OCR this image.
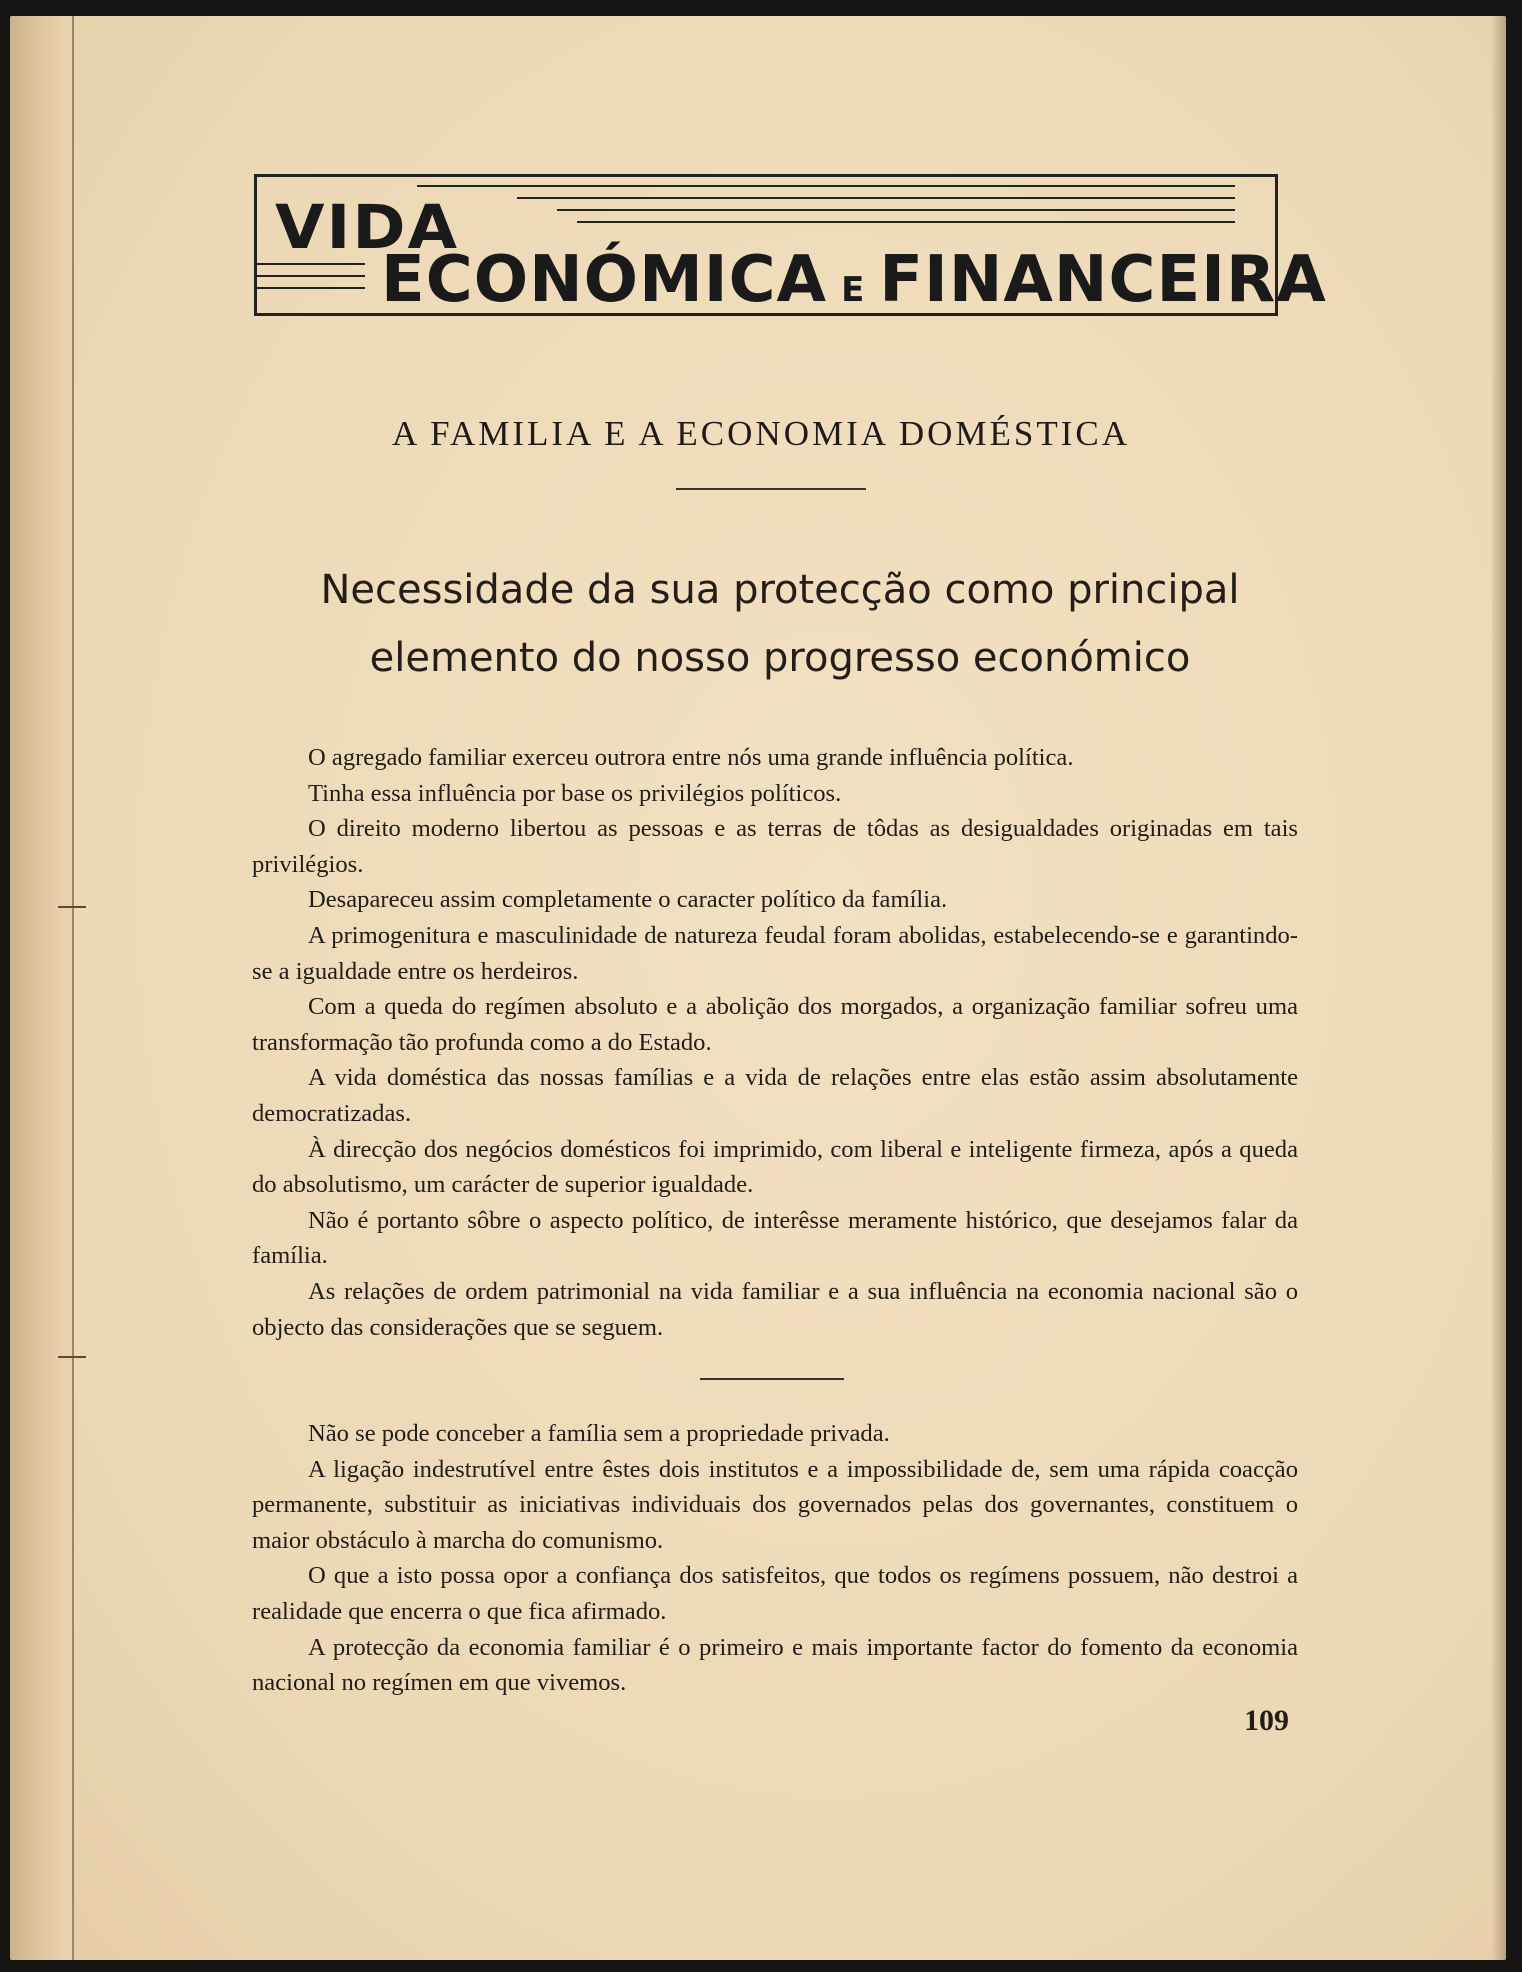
VIDA
ECONÓMICA E FINANCEIRA
A FAMILIA E A ECONOMIA DOMÉSTICA
Necessidade da sua protecção como principal
elemento do nosso progresso económico

O agregado familiar exerceu outrora entre nós uma grande influência política.

Tinha essa influência por base os privilégios políticos.

O direito moderno libertou as pessoas e as terras de tôdas as desigualdades originadas em tais privilégios.

Desapareceu assim completamente o caracter político da família.

A primogenitura e masculinidade de natureza feudal foram abolidas, estabelecendo-se e garantindo-se a igualdade entre os herdeiros.

Com a queda do regímen absoluto e a abolição dos morgados, a organização familiar sofreu uma transformação tão profunda como a do Estado.

A vida doméstica das nossas famílias e a vida de relações entre elas estão assim absolutamente democratizadas.

À direcção dos negócios domésticos foi imprimido, com liberal e inteligente firmeza, após a queda do absolutismo, um carácter de superior igualdade.

Não é portanto sôbre o aspecto político, de interêsse meramente histórico, que desejamos falar da família.

As relações de ordem patrimonial na vida familiar e a sua influência na economia nacional são o objecto das considerações que se seguem.

Não se pode conceber a família sem a propriedade privada.

A ligação indestrutível entre êstes dois institutos e a impossibilidade de, sem uma rápida coacção permanente, substituir as iniciativas individuais dos governados pelas dos governantes, constituem o maior obstáculo à marcha do comunismo.

O que a isto possa opor a confiança dos satisfeitos, que todos os regímens possuem, não destroi a realidade que encerra o que fica afirmado.

A protecção da economia familiar é o primeiro e mais importante factor do fomento da economia nacional no regímen em que vivemos.

109
